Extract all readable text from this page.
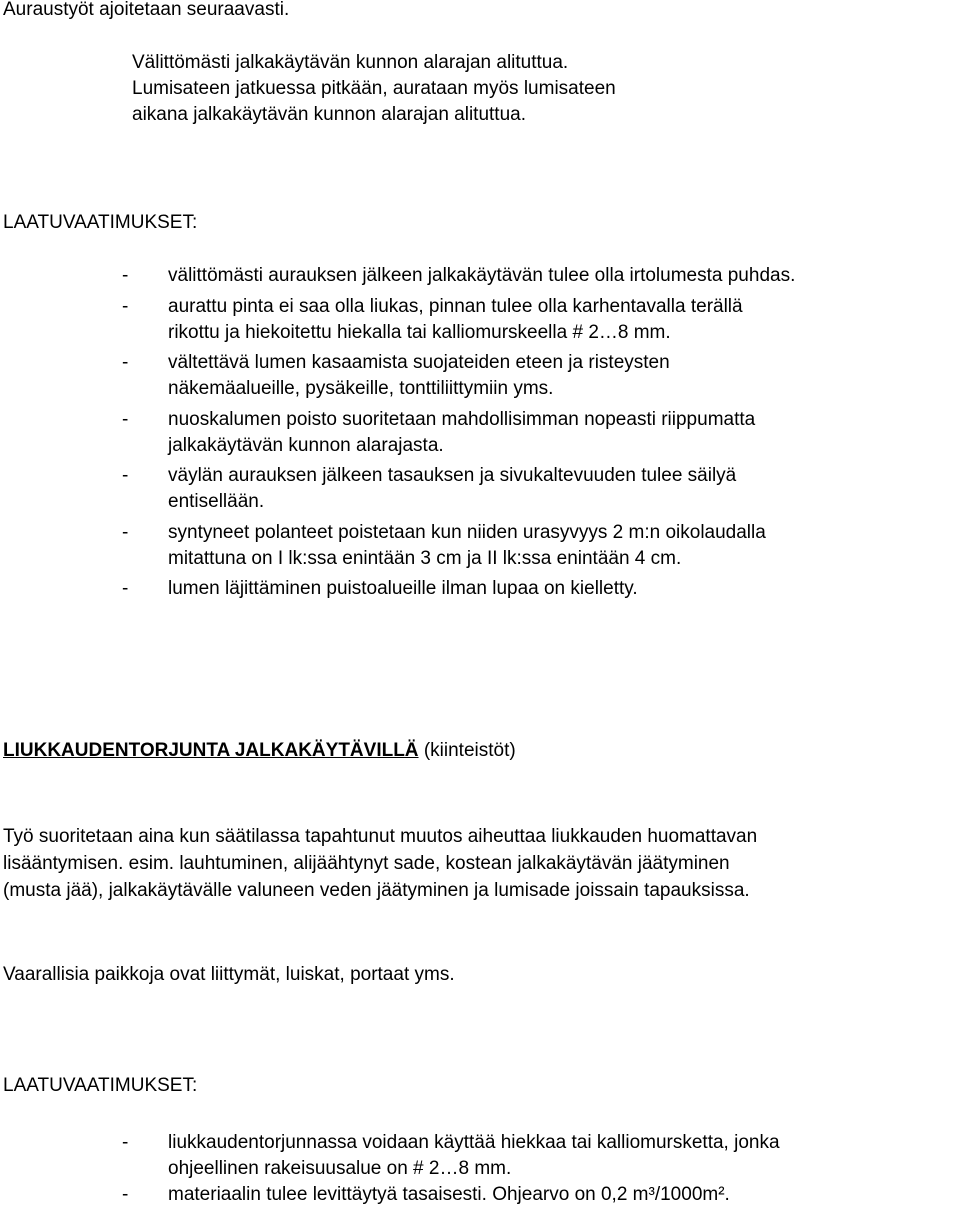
Auraustyöt ajoitetaan seuraavasti.
Välittömästi jalkakäytävän kunnon alarajan alituttua.
Lumisateen jatkuessa pitkään, aurataan myös lumisateen
aikana jalkakäytävän kunnon alarajan alituttua.
LAATUVAATIMUKSET:
- välittömästi aurauksen jälkeen jalkakäytävän tulee olla irtolumesta puhdas.
- aurattu pinta ei saa olla liukas, pinnan tulee olla karhentavalla terällä
rikottu ja hiekoitettu hiekalla tai kalliomurskeella # 2…8 mm.
- vältettävä lumen kasaamista suojateiden eteen ja risteysten
näkemäalueille, pysäkeille, tonttiliittymiin yms.
- nuoskalumen poisto suoritetaan mahdollisimman nopeasti riippumatta
jalkakäytävän kunnon alarajasta.
- väylän aurauksen jälkeen tasauksen ja sivukaltevuuden tulee säilyä
entisellään.
- syntyneet polanteet poistetaan kun niiden urasyvyys 2 m:n oikolaudalla
mitattuna on I lk:ssa enintään 3 cm ja II lk:ssa enintään 4 cm.
- lumen läjittäminen puistoalueille ilman lupaa on kielletty.
LIUKKAUDENTORJUNTA JALKAKÄYTÄVILLÄ (kiinteistöt)
Työ suoritetaan aina kun säätilassa tapahtunut muutos aiheuttaa liukkauden huomattavan
lisääntymisen. esim. lauhtuminen, alijäähtynyt sade, kostean jalkakäytävän jäätyminen
(musta jää), jalkakäytävälle valuneen veden jäätyminen ja lumisade joissain tapauksissa.
Vaarallisia paikkoja ovat liittymät, luiskat, portaat yms.
LAATUVAATIMUKSET:
- liukkaudentorjunnassa voidaan käyttää hiekkaa tai kalliomursketta, jonka
ohjeellinen rakeisuusalue on # 2…8 mm.
- materiaalin tulee levittäytyä tasaisesti. Ohjearvo on 0,2 m³/1000m².
